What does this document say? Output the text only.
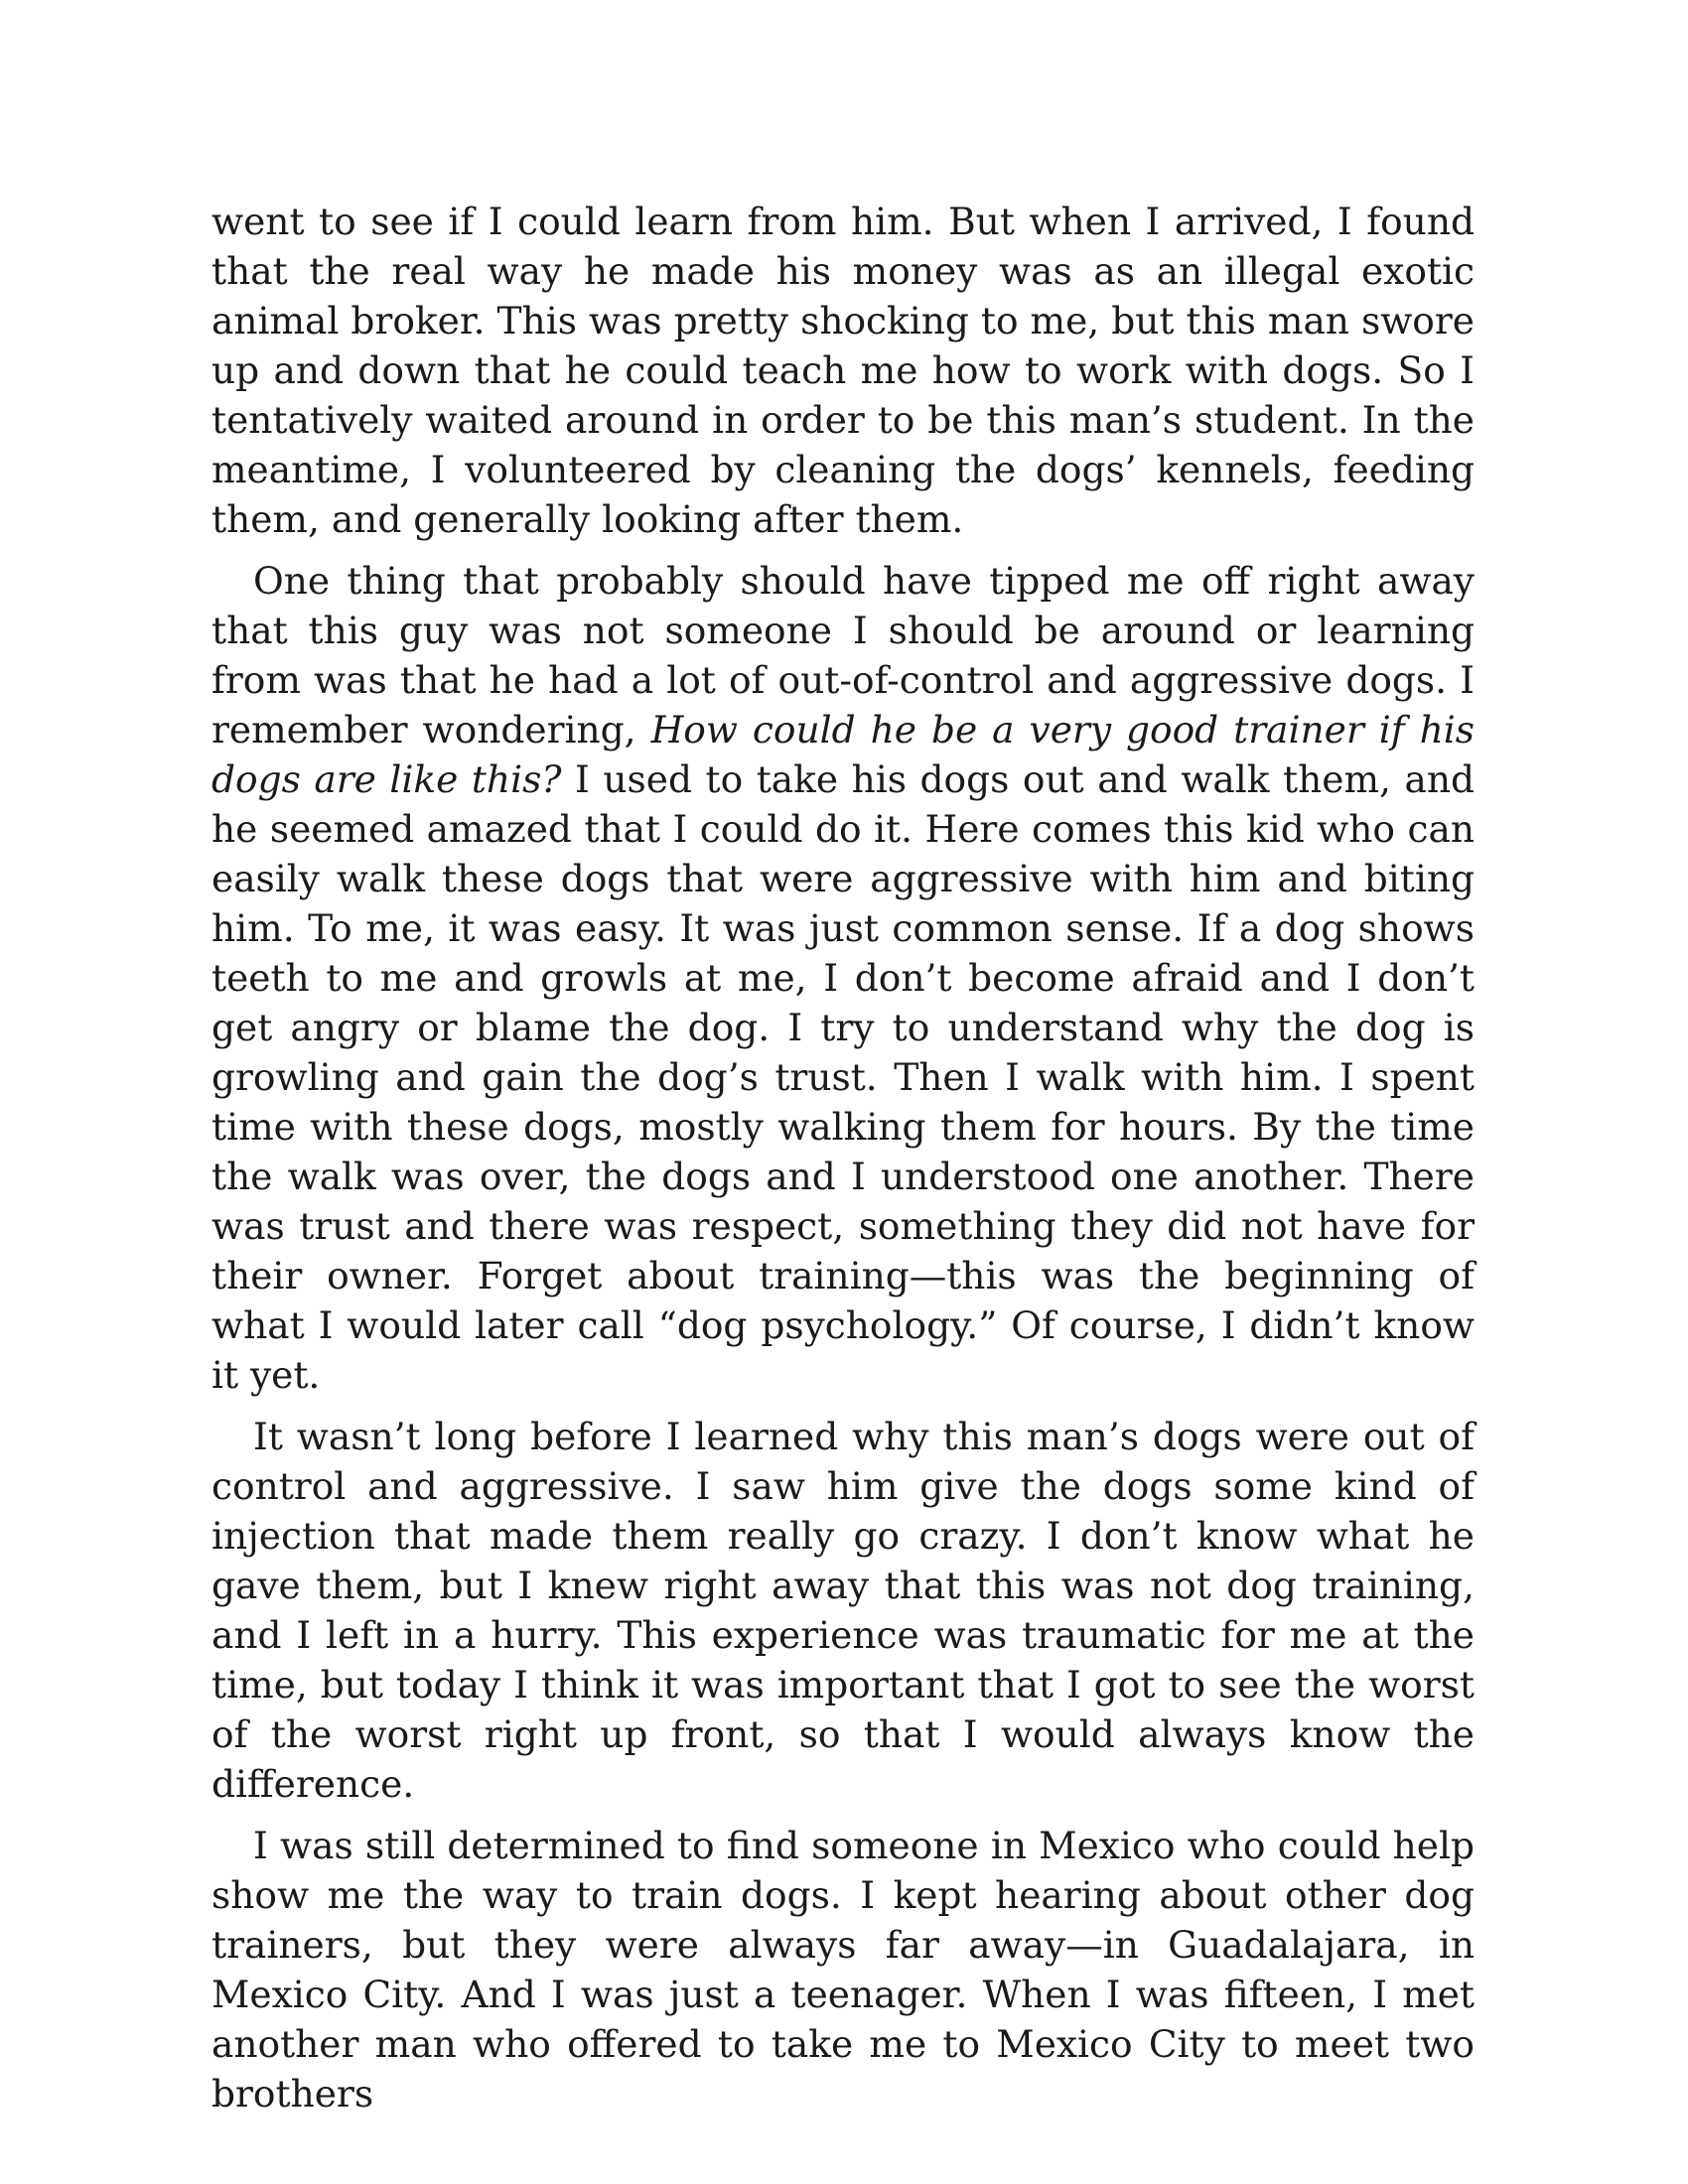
went to see if I could learn from him. But when I arrived, I found that the real way he made his money was as an illegal exotic animal broker. This was pretty shocking to me, but this man swore up and down that he could teach me how to work with dogs. So I tentatively waited around in order to be this man’s student. In the meantime, I volunteered by cleaning the dogs’ kennels, feeding them, and generally looking after them.

One thing that probably should have tipped me off right away that this guy was not someone I should be around or learning from was that he had a lot of out-of-control and aggressive dogs. I remember wondering, How could he be a very good trainer if his dogs are like this? I used to take his dogs out and walk them, and he seemed amazed that I could do it. Here comes this kid who can easily walk these dogs that were aggressive with him and biting him. To me, it was easy. It was just common sense. If a dog shows teeth to me and growls at me, I don’t become afraid and I don’t get angry or blame the dog. I try to understand why the dog is growling and gain the dog’s trust. Then I walk with him. I spent time with these dogs, mostly walking them for hours. By the time the walk was over, the dogs and I understood one another. There was trust and there was respect, something they did not have for their owner. Forget about training—this was the beginning of what I would later call “dog psychology.” Of course, I didn’t know it yet.

It wasn’t long before I learned why this man’s dogs were out of control and aggressive. I saw him give the dogs some kind of injection that made them really go crazy. I don’t know what he gave them, but I knew right away that this was not dog training, and I left in a hurry. This experience was traumatic for me at the time, but today I think it was important that I got to see the worst of the worst right up front, so that I would always know the difference.

I was still determined to find someone in Mexico who could help show me the way to train dogs. I kept hearing about other dog trainers, but they were always far away—in Guadalajara, in Mexico City. And I was just a teenager. When I was fifteen, I met another man who offered to take me to Mexico City to meet two brothers
